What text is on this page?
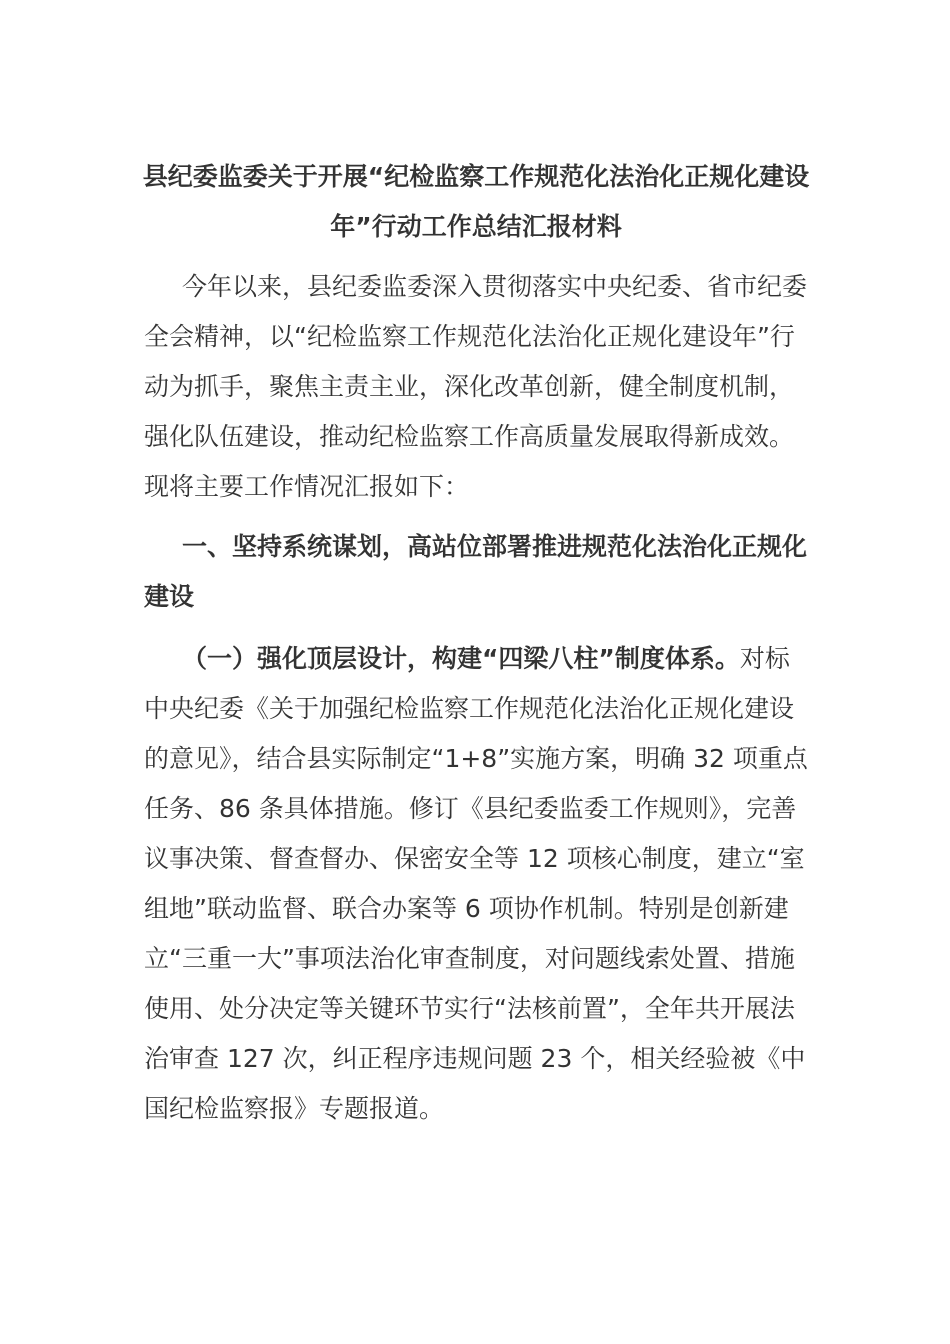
县纪委监委关于开展“纪检监察工作规范化法治化正规化建设年”行动工作总结汇报材料

今年以来，县纪委监委深入贯彻落实中央纪委、省市纪委全会精神，以“纪检监察工作规范化法治化正规化建设年”行动为抓手，聚焦主责主业，深化改革创新，健全制度机制，强化队伍建设，推动纪检监察工作高质量发展取得新成效。现将主要工作情况汇报如下：

一、坚持系统谋划，高站位部署推进规范化法治化正规化建设

（一）强化顶层设计，构建“四梁八柱”制度体系。对标中央纪委《关于加强纪检监察工作规范化法治化正规化建设的意见》，结合县实际制定“1+8”实施方案，明确 32 项重点任务、86 条具体措施。修订《县纪委监委工作规则》，完善议事决策、督查督办、保密安全等 12 项核心制度，建立“室组地”联动监督、联合办案等 6 项协作机制。特别是创新建立“三重一大”事项法治化审查制度，对问题线索处置、措施使用、处分决定等关键环节实行“法核前置”，全年共开展法治审查 127 次，纠正程序违规问题 23 个，相关经验被《中国纪检监察报》专题报道。
